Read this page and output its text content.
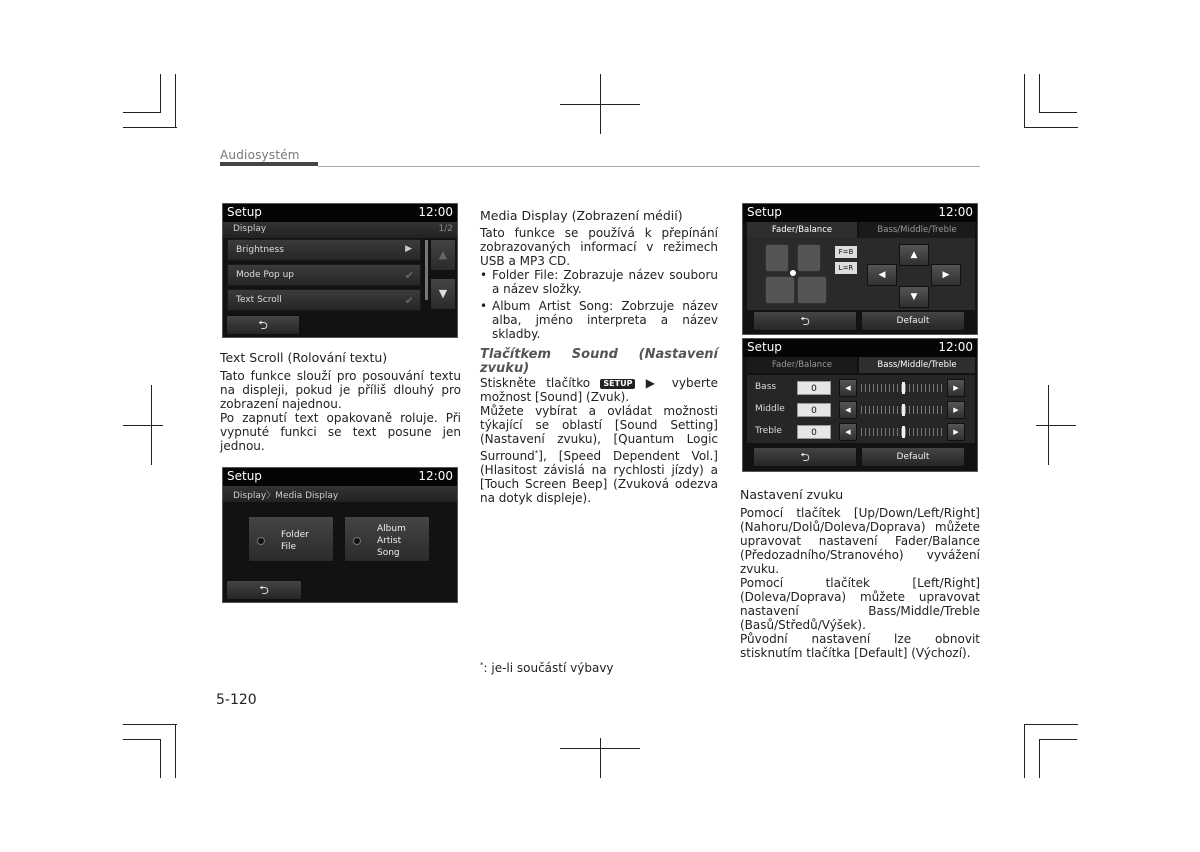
Audiosystém
Setup	12:00
Display	1/2
Brightness	▶
Mode Pop up	✔
Text Scroll	✔
▲
▼
⮌

Text Scroll (Rolování textu)

Tato funkce slouží pro posouvání textu na displeji, pokud je příliš dlouhý pro zobrazení najednou.

Po zapnutí text opakovaně roluje. Při vypnuté funkci se text posune jen jednou.

Setup	12:00
Display〉Media Display
Folder
File
Album
Artist
Song
⮌

Media Display (Zobrazení médií)

Tato funkce se používá k přepínání zobrazovaných informací v režimech USB a MP3 CD.

• Folder File: Zobrazuje název souboru a název složky.
• Album Artist Song: Zobrzuje název alba, jméno interpreta a název skladby.

Tlačítkem Sound (Nastavení zvuku)

Stiskněte tlačítko SETUP ▶ vyberte možnost [Sound] (Zvuk).

Můžete vybírat a ovládat možnosti týkající se oblastí [Sound Setting] (Nastavení zvuku), [Quantum Logic Surround*], [Speed Dependent Vol.] (Hlasitost závislá na rychlosti jízdy) a [Touch Screen Beep] (Zvuková odezva na dotyk displeje).

*: je-li součástí výbavy
Setup	12:00
Fader/Balance	Bass/Middle/Treble
F=B
L=R
▲
◀	▶
▼
⮌	Default
Setup	12:00
Fader/Balance	Bass/Middle/Treble
Bass	0	◀	▶
Middle	0	◀	▶
Treble	0	◀	▶
⮌	Default

Nastavení zvuku

Pomocí tlačítek [Up/Down/Left/Right] (Nahoru/Dolů/Doleva/Doprava) můžete upravovat nastavení Fader/Balance (Předozadního/Stranového) vyvážení zvuku.

Pomocí tlačítek [Left/Right] (Doleva/Doprava) můžete upravovat nastavení Bass/Middle/Treble (Basů/Středů/Výšek).

Původní nastavení lze obnovit stisknutím tlačítka [Default] (Výchozí).

5-120
